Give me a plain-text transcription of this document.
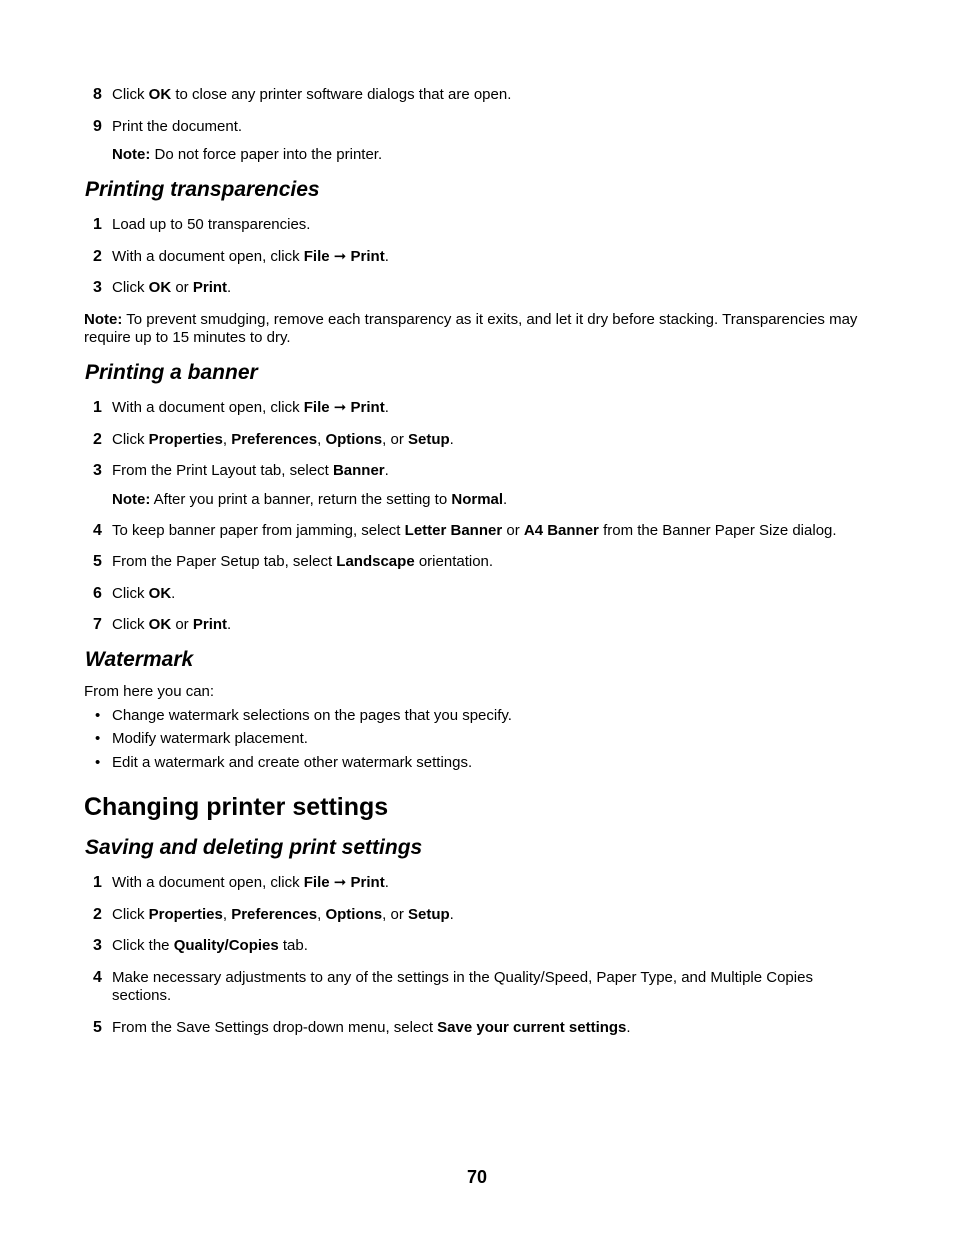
8 Click OK to close any printer software dialogs that are open.
9 Print the document.
Note: Do not force paper into the printer.
Printing transparencies
1 Load up to 50 transparencies.
2 With a document open, click File ➞ Print.
3 Click OK or Print.
Note: To prevent smudging, remove each transparency as it exits, and let it dry before stacking. Transparencies may require up to 15 minutes to dry.
Printing a banner
1 With a document open, click File ➞ Print.
2 Click Properties, Preferences, Options, or Setup.
3 From the Print Layout tab, select Banner.
Note: After you print a banner, return the setting to Normal.
4 To keep banner paper from jamming, select Letter Banner or A4 Banner from the Banner Paper Size dialog.
5 From the Paper Setup tab, select Landscape orientation.
6 Click OK.
7 Click OK or Print.
Watermark
From here you can:
• Change watermark selections on the pages that you specify.
• Modify watermark placement.
• Edit a watermark and create other watermark settings.
Changing printer settings
Saving and deleting print settings
1 With a document open, click File ➞ Print.
2 Click Properties, Preferences, Options, or Setup.
3 Click the Quality/Copies tab.
4 Make necessary adjustments to any of the settings in the Quality/Speed, Paper Type, and Multiple Copies sections.
5 From the Save Settings drop-down menu, select Save your current settings.
70
